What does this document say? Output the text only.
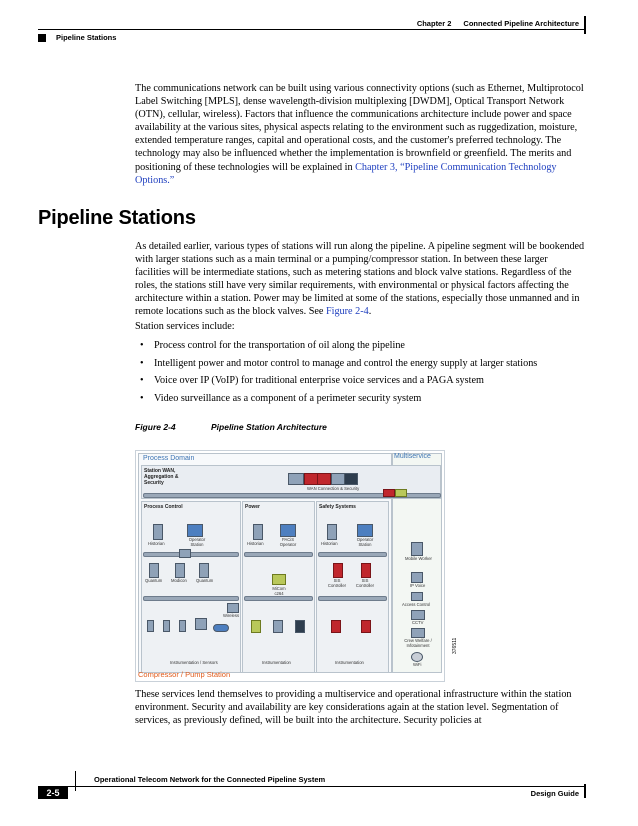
Chapter 2 Connected Pipeline Architecture
Pipeline Stations
The communications network can be built using various connectivity options (such as Ethernet, Multiprotocol Label Switching [MPLS], dense wavelength-division multiplexing [DWDM], Optical Transport Network (OTN), cellular, wireless). Factors that influence the communications architecture include power and space availability at the various sites, physical aspects relating to the environment such as ruggedization, moisture, extended temperature ranges, capital and operational costs, and the customer's preferred technology. The technology may also be influenced whether the implementation is brownfield or greenfield. The merits and positioning of these technologies will be explained in Chapter 3, “Pipeline Communication Technology Options.”
Pipeline Stations
As detailed earlier, various types of stations will run along the pipeline. A pipeline segment will be bookended with larger stations such as a main terminal or a pumping/compressor station. In between these larger facilities will be intermediate stations, such as metering stations and block valve stations. Regardless of the roles, the stations still have very similar requirements, with environmental or physical factors affecting the architecture within a station. Power may be limited at some of the stations, especially those unmanned and in remote locations such as the block valves. See Figure 2-4.
Station services include:
• Process control for the transportation of oil along the pipeline
• Intelligent power and motor control to manage and control the energy supply at larger stations
• Voice over IP (VoIP) for traditional enterprise voice services and a PAGA system
• Video surveillance as a component of a perimeter security system
Figure 2-4	Pipeline Station Architecture
Process Domain	Multiservice
Station WAN, Aggregation & Security
WAN Connection & Security
Process Control	Power	Safety Systems
Historian
Operator Station
Quantum Modicon Quantum
Wireless
Instrumentation / Sensors
Historian
PACiS Operator
MiCom c264
Instrumentation
Historian
Operator Station
SIS Controller
SIS Controller
Instrumentation
Mobile Worker
IP Voice
Access Control
CCTV
Crew Welfare / Infotainment
WiFi
Compressor / Pump Station
376511
These services lend themselves to providing a multiservice and operational infrastructure within the station environment. Security and availability are key considerations again at the station level. Segmentation of services, as previously defined, will be built into the architecture. Security policies at
Operational Telecom Network for the Connected Pipeline System
2-5	Design Guide
